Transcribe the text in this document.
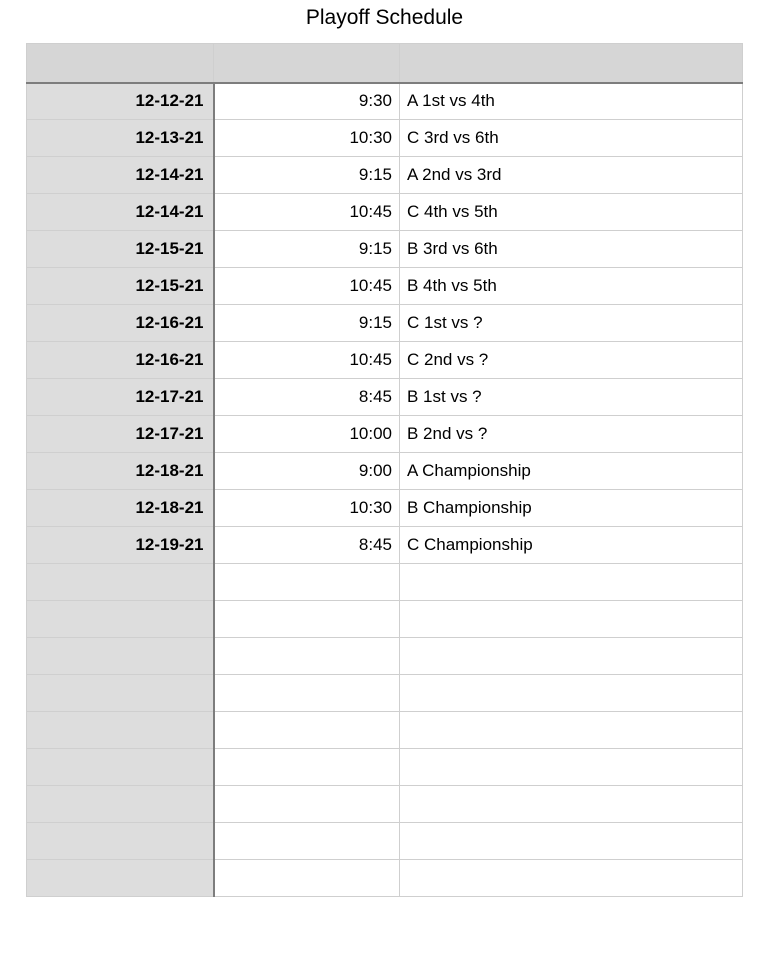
Playoff Schedule

12-12-21	9:30	A 1st vs 4th
12-13-21	10:30	C 3rd vs 6th
12-14-21	9:15	A 2nd vs 3rd
12-14-21	10:45	C 4th vs 5th
12-15-21	9:15	B 3rd vs 6th
12-15-21	10:45	B 4th vs 5th
12-16-21	9:15	C 1st vs ?
12-16-21	10:45	C 2nd vs ?
12-17-21	8:45	B 1st vs ?
12-17-21	10:00	B 2nd vs ?
12-18-21	9:00	A Championship
12-18-21	10:30	B Championship
12-19-21	8:45	C Championship
